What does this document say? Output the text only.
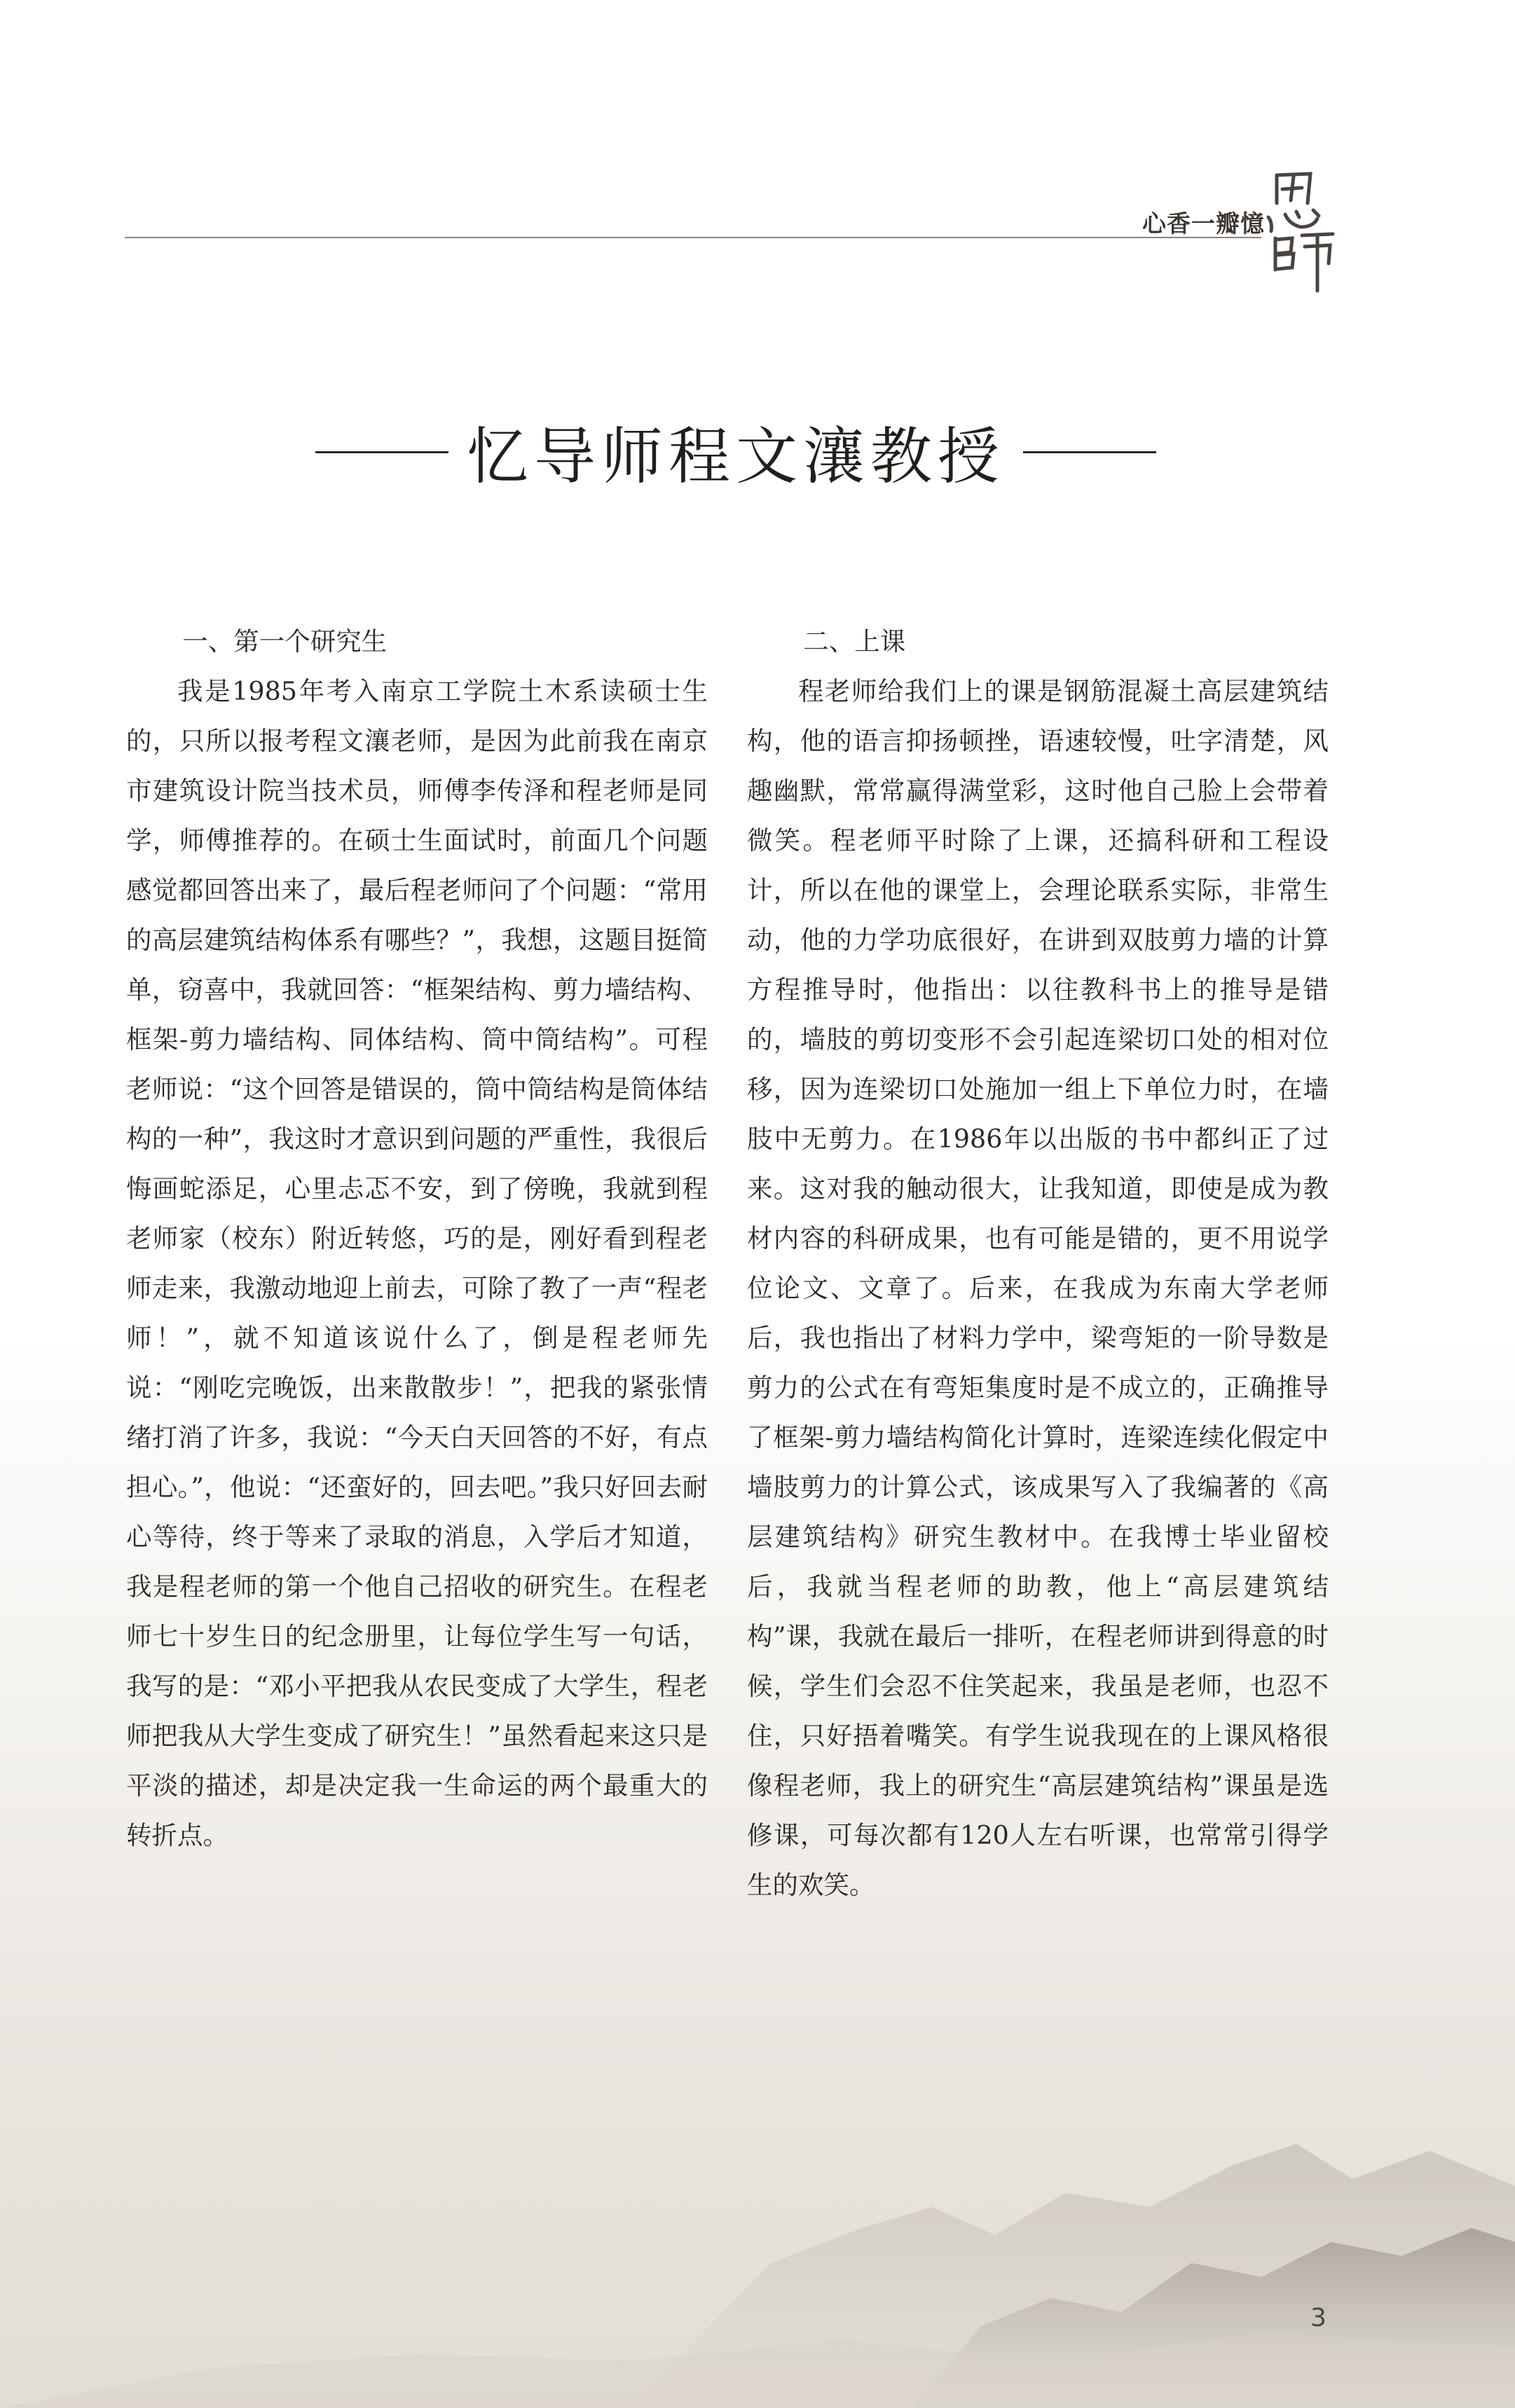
心香一瓣憶
恩師
忆导师程文瀼教授

一、第一个研究生

我是1985年考入南京工学院土木系读硕士生的，只所以报考程文瀼老师，是因为此前我在南京市建筑设计院当技术员，师傅李传泽和程老师是同学，师傅推荐的。在硕士生面试时，前面几个问题感觉都回答出来了，最后程老师问了个问题：“常用的高层建筑结构体系有哪些？”，我想，这题目挺简单，窃喜中，我就回答：“框架结构、剪力墙结构、框架-剪力墙结构、同体结构、筒中筒结构”。可程老师说：“这个回答是错误的，筒中筒结构是筒体结构的一种”，我这时才意识到问题的严重性，我很后悔画蛇添足，心里忐忑不安，到了傍晚，我就到程老师家（校东）附近转悠，巧的是，刚好看到程老师走来，我激动地迎上前去，可除了教了一声“程老师！”，就不知道该说什么了，倒是程老师先说：“刚吃完晚饭，出来散散步！”，把我的紧张情绪打消了许多，我说：“今天白天回答的不好，有点担心。”，他说：“还蛮好的，回去吧。”我只好回去耐心等待，终于等来了录取的消息，入学后才知道，我是程老师的第一个他自己招收的研究生。在程老师七十岁生日的纪念册里，让每位学生写一句话，我写的是：“邓小平把我从农民变成了大学生，程老师把我从大学生变成了研究生！”虽然看起来这只是平淡的描述，却是决定我一生命运的两个最重大的转折点。

二、上课

程老师给我们上的课是钢筋混凝土高层建筑结构，他的语言抑扬顿挫，语速较慢，吐字清楚，风趣幽默，常常赢得满堂彩，这时他自己脸上会带着微笑。程老师平时除了上课，还搞科研和工程设计，所以在他的课堂上，会理论联系实际，非常生动，他的力学功底很好，在讲到双肢剪力墙的计算方程推导时，他指出：以往教科书上的推导是错的，墙肢的剪切变形不会引起连梁切口处的相对位移，因为连梁切口处施加一组上下单位力时，在墙肢中无剪力。在1986年以出版的书中都纠正了过来。这对我的触动很大，让我知道，即使是成为教材内容的科研成果，也有可能是错的，更不用说学位论文、文章了。后来，在我成为东南大学老师后，我也指出了材料力学中，梁弯矩的一阶导数是剪力的公式在有弯矩集度时是不成立的，正确推导了框架-剪力墙结构简化计算时，连梁连续化假定中墙肢剪力的计算公式，该成果写入了我编著的《高层建筑结构》研究生教材中。在我博士毕业留校后，我就当程老师的助教，他上“高层建筑结构”课，我就在最后一排听，在程老师讲到得意的时候，学生们会忍不住笑起来，我虽是老师，也忍不住，只好捂着嘴笑。有学生说我现在的上课风格很像程老师，我上的研究生“高层建筑结构”课虽是选修课，可每次都有120人左右听课，也常常引得学生的欢笑。

3
